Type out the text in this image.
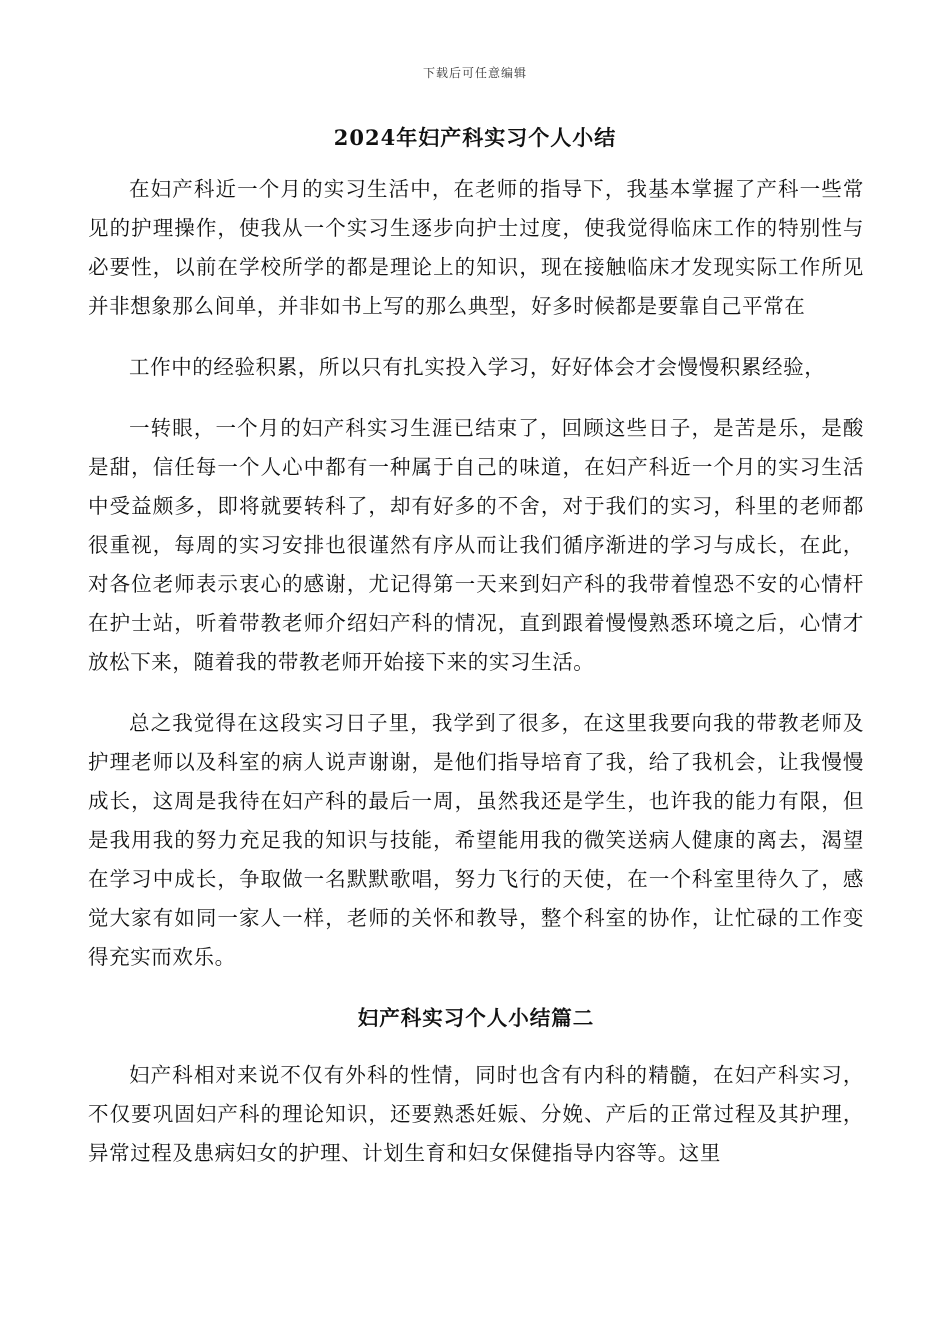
下载后可任意编辑
2024年妇产科实习个人小结

在妇产科近一个月的实习生活中，在老师的指导下，我基本掌握了产科一些常见的护理操作，使我从一个实习生逐步向护士过度，使我觉得临床工作的特别性与必要性，以前在学校所学的都是理论上的知识，现在接触临床才发现实际工作所见并非想象那么间单，并非如书上写的那么典型，好多时候都是要靠自己平常在

工作中的经验积累，所以只有扎实投入学习，好好体会才会慢慢积累经验，

一转眼，一个月的妇产科实习生涯已结束了，回顾这些日子，是苦是乐，是酸是甜，信任每一个人心中都有一种属于自己的味道，在妇产科近一个月的实习生活中受益颇多，即将就要转科了，却有好多的不舍，对于我们的实习，科里的老师都很重视，每周的实习安排也很谨然有序从而让我们循序渐进的学习与成长，在此，对各位老师表示衷心的感谢，尤记得第一天来到妇产科的我带着惶恐不安的心情杆在护士站，听着带教老师介绍妇产科的情况，直到跟着慢慢熟悉环境之后，心情才放松下来，随着我的带教老师开始接下来的实习生活。

总之我觉得在这段实习日子里，我学到了很多，在这里我要向我的带教老师及护理老师以及科室的病人说声谢谢，是他们指导培育了我，给了我机会，让我慢慢成长，这周是我待在妇产科的最后一周，虽然我还是学生，也许我的能力有限，但是我用我的努力充足我的知识与技能，希望能用我的微笑送病人健康的离去，渴望在学习中成长，争取做一名默默歌唱，努力飞行的天使，在一个科室里待久了，感觉大家有如同一家人一样，老师的关怀和教导，整个科室的协作，让忙碌的工作变得充实而欢乐。

妇产科实习个人小结篇二

妇产科相对来说不仅有外科的性情，同时也含有内科的精髓，在妇产科实习，不仅要巩固妇产科的理论知识，还要熟悉妊娠、分娩、产后的正常过程及其护理，异常过程及患病妇女的护理、计划生育和妇女保健指导内容等。这里
